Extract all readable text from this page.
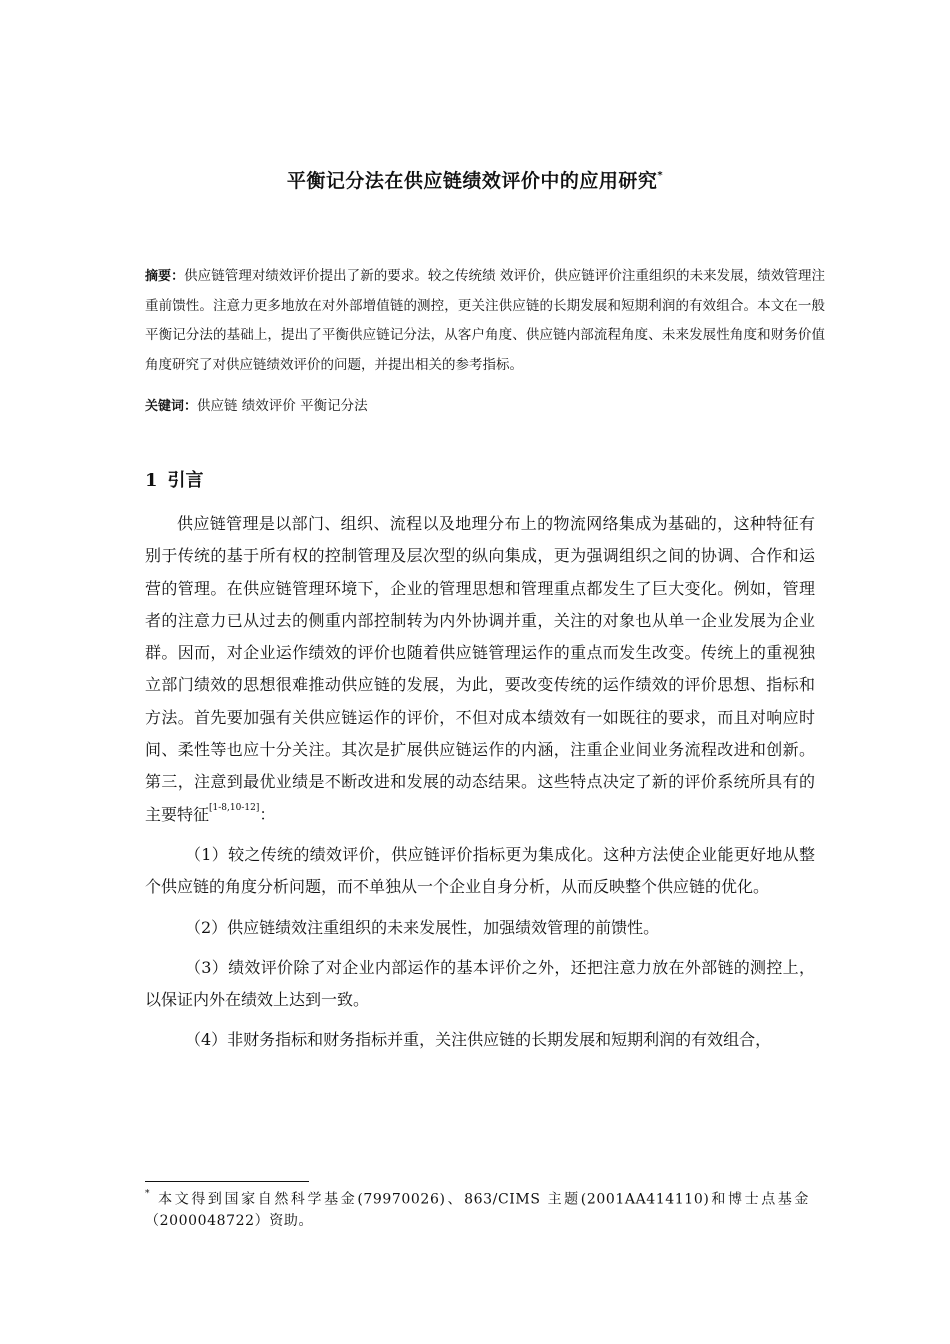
平衡记分法在供应链绩效评价中的应用研究*
摘要：供应链管理对绩效评价提出了新的要求。较之传统绩 效评价，供应链评价注重组织的未来发展，绩效管理注重前馈性。注意力更多地放在对外部增值链的测控，更关注供应链的长期发展和短期利润的有效组合。本文在一般平衡记分法的基础上，提出了平衡供应链记分法，从客户角度、供应链内部流程角度、未来发展性角度和财务价值角度研究了对供应链绩效评价的问题，并提出相关的参考指标。
关键词：供应链 绩效评价 平衡记分法
1 引言

供应链管理是以部门、组织、流程以及地理分布上的物流网络集成为基础的，这种特征有别于传统的基于所有权的控制管理及层次型的纵向集成，更为强调组织之间的协调、合作和运营的管理。在供应链管理环境下，企业的管理思想和管理重点都发生了巨大变化。例如，管理者的注意力已从过去的侧重内部控制转为内外协调并重，关注的对象也从单一企业发展为企业群。因而，对企业运作绩效的评价也随着供应链管理运作的重点而发生改变。传统上的重视独立部门绩效的思想很难推动供应链的发展，为此，要改变传统的运作绩效的评价思想、指标和方法。首先要加强有关供应链运作的评价，不但对成本绩效有一如既往的要求，而且对响应时间、柔性等也应十分关注。其次是扩展供应链运作的内涵，注重企业间业务流程改进和创新。第三，注意到最优业绩是不断改进和发展的动态结果。这些特点决定了新的评价系统所具有的主要特征[1-8,10-12]：

（1）较之传统的绩效评价，供应链评价指标更为集成化。这种方法使企业能更好地从整个供应链的角度分析问题，而不单独从一个企业自身分析，从而反映整个供应链的优化。

（2）供应链绩效注重组织的未来发展性，加强绩效管理的前馈性。

（3）绩效评价除了对企业内部运作的基本评价之外，还把注意力放在外部链的测控上，以保证内外在绩效上达到一致。

（4）非财务指标和财务指标并重，关注供应链的长期发展和短期利润的有效组合，

* 本文得到国家自然科学基金(79970026)、863/CIMS 主题(2001AA414110)和博士点基金（2000048722）资助。
